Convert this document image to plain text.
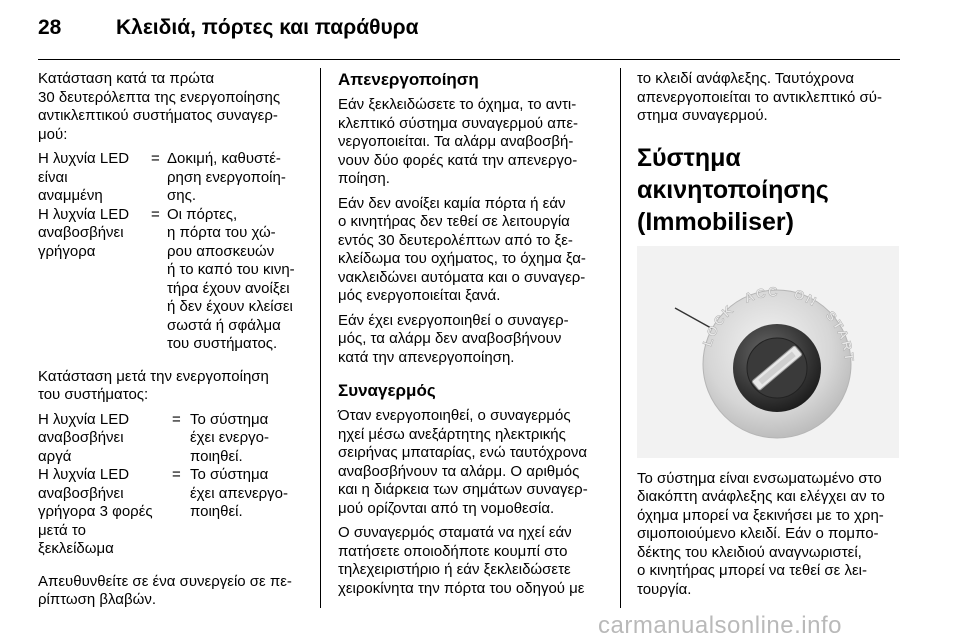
28	Κλειδιά, πόρτες και παράθυρα

Κατάσταση κατά τα πρώτα
30 δευτερόλεπτα της ενεργοποίησης
αντικλεπτικού συστήματος συναγερ-
μού:

Η λυχνία LED
είναι
αναμμένη
= Δοκιμή, καθυστέ-
ρηση ενεργοποίη-
σης.
Η λυχνία LED
αναβοσβήνει
γρήγορα
= Οι πόρτες,
η πόρτα του χώ-
ρου αποσκευών
ή το καπό του κινη-
τήρα έχουν ανοίξει
ή δεν έχουν κλείσει
σωστά ή σφάλμα
του συστήματος.

Κατάσταση μετά την ενεργοποίηση
του συστήματος:

Η λυχνία LED
αναβοσβήνει
αργά
= Το σύστημα
έχει ενεργο-
ποιηθεί.
Η λυχνία LED
αναβοσβήνει
γρήγορα 3 φορές
μετά το
ξεκλείδωμα
= Το σύστημα
έχει απενεργο-
ποιηθεί.

Απευθυνθείτε σε ένα συνεργείο σε πε-
ρίπτωση βλαβών.

Απενεργοποίηση

Εάν ξεκλειδώσετε το όχημα, το αντι-
κλεπτικό σύστημα συναγερμού απε-
νεργοποιείται. Τα αλάρμ αναβοσβή-
νουν δύο φορές κατά την απενεργο-
ποίηση.

Εάν δεν ανοίξει καμία πόρτα ή εάν
ο κινητήρας δεν τεθεί σε λειτουργία
εντός 30 δευτερολέπτων από το ξε-
κλείδωμα του οχήματος, το όχημα ξα-
νακλειδώνει αυτόματα και ο συναγερ-
μός ενεργοποιείται ξανά.

Εάν έχει ενεργοποιηθεί ο συναγερ-
μός, τα αλάρμ δεν αναβοσβήνουν
κατά την απενεργοποίηση.

Συναγερμός

Όταν ενεργοποιηθεί, ο συναγερμός
ηχεί μέσω ανεξάρτητης ηλεκτρικής
σειρήνας μπαταρίας, ενώ ταυτόχρονα
αναβοσβήνουν τα αλάρμ. Ο αριθμός
και η διάρκεια των σημάτων συναγερ-
μού ορίζονται από τη νομοθεσία.

Ο συναγερμός σταματά να ηχεί εάν
πατήσετε οποιοδήποτε κουμπί στο
τηλεχειριστήριο ή εάν ξεκλειδώσετε
χειροκίνητα την πόρτα του οδηγού με

το κλειδί ανάφλεξης. Ταυτόχρονα
απενεργοποιείται το αντικλεπτικό σύ-
στημα συναγερμού.

Σύστημα ακινητοποίησης
(Immobiliser)
LOCK ACC ON START

Το σύστημα είναι ενσωματωμένο στο
διακόπτη ανάφλεξης και ελέγχει αν το
όχημα μπορεί να ξεκινήσει με το χρη-
σιμοποιούμενο κλειδί. Εάν ο πομπο-
δέκτης του κλειδιού αναγνωριστεί,
ο κινητήρας μπορεί να τεθεί σε λει-
τουργία.

carmanualsonline.info
